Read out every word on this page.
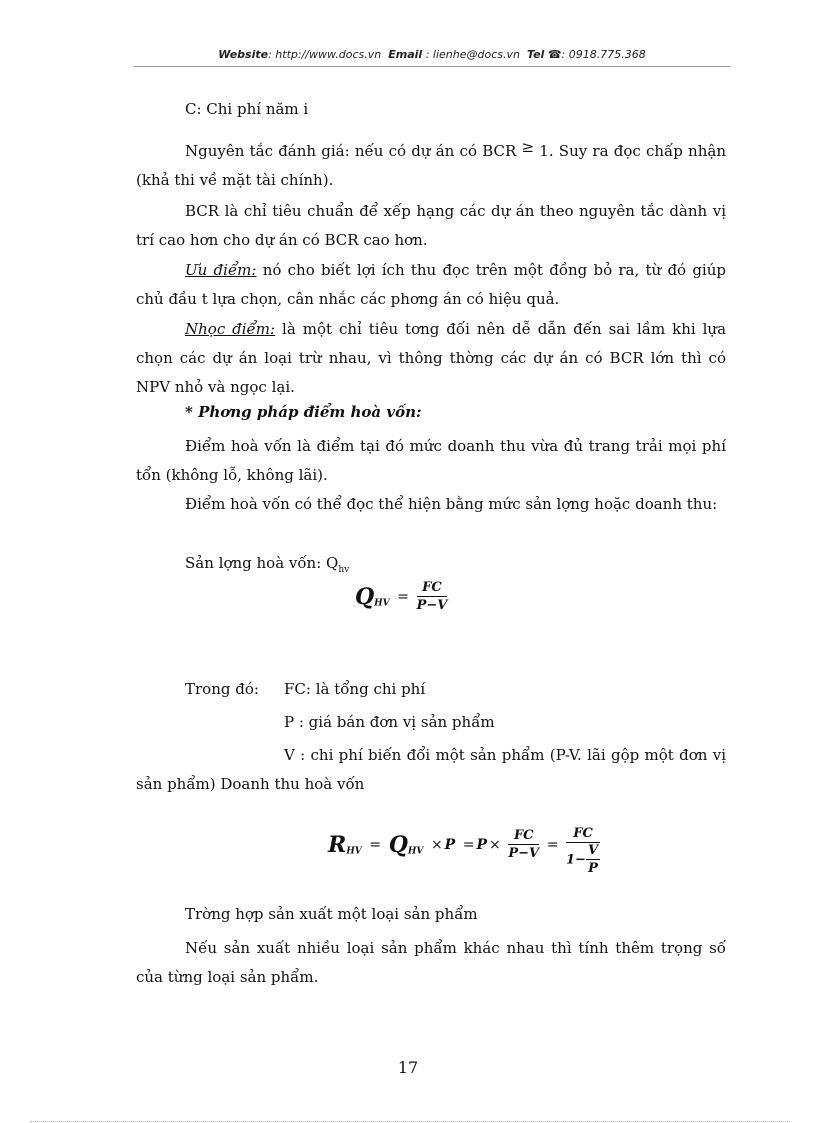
Website: http://www.docs.vn Email : lienhe@docs.vn Tel ☎: 0918.775.368
C: Chi phí năm i
Nguyên tắc đánh giá: nếu có dự án có BCR ≥ 1. Suy ra đọc chấp nhận (khả thi về mặt tài chính).
BCR là chỉ tiêu chuẩn để xếp hạng các dự án theo nguyên tắc dành vị trí cao hơn cho dự án có BCR cao hơn.
Ưu điểm: nó cho biết lợi ích thu đọc trên một đồng bỏ ra, từ đó giúp chủ đầu t lựa chọn, cân nhắc các phơng án có hiệu quả.
Nhọc điểm: là một chỉ tiêu tơng đối nên dễ dẫn đến sai lầm khi lựa chọn các dự án loại trừ nhau, vì thông thờng các dự án có BCR lớn thì có NPV nhỏ và ngọc lại.
* Phơng pháp điểm hoà vốn:
Điểm hoà vốn là điểm tại đó mức doanh thu vừa đủ trang trải mọi phí tổn (không lỗ, không lãi).
Điểm hoà vốn có thể đọc thể hiện bằng mức sản lợng hoặc doanh thu:
Sản lợng hoà vốn: $Q_{hv}$
$Q_{HV} = \frac{FC}{P-V}$
Trong đó:	FC: là tổng chi phí
P : giá bán đơn vị sản phẩm
V : chi phí biến đổi một sản phẩm (P-V. lãi gộp một đơn vị sản phẩm) Doanh thu hoà vốn
$R_{HV} = Q_{HV} \times P = P \times \frac{FC}{P-V} = \frac{FC}{1- \frac{V}{P}}$
Trờng hợp sản xuất một loại sản phẩm
Nếu sản xuất nhiều loại sản phẩm khác nhau thì tính thêm trọng số của từng loại sản phẩm.
17
